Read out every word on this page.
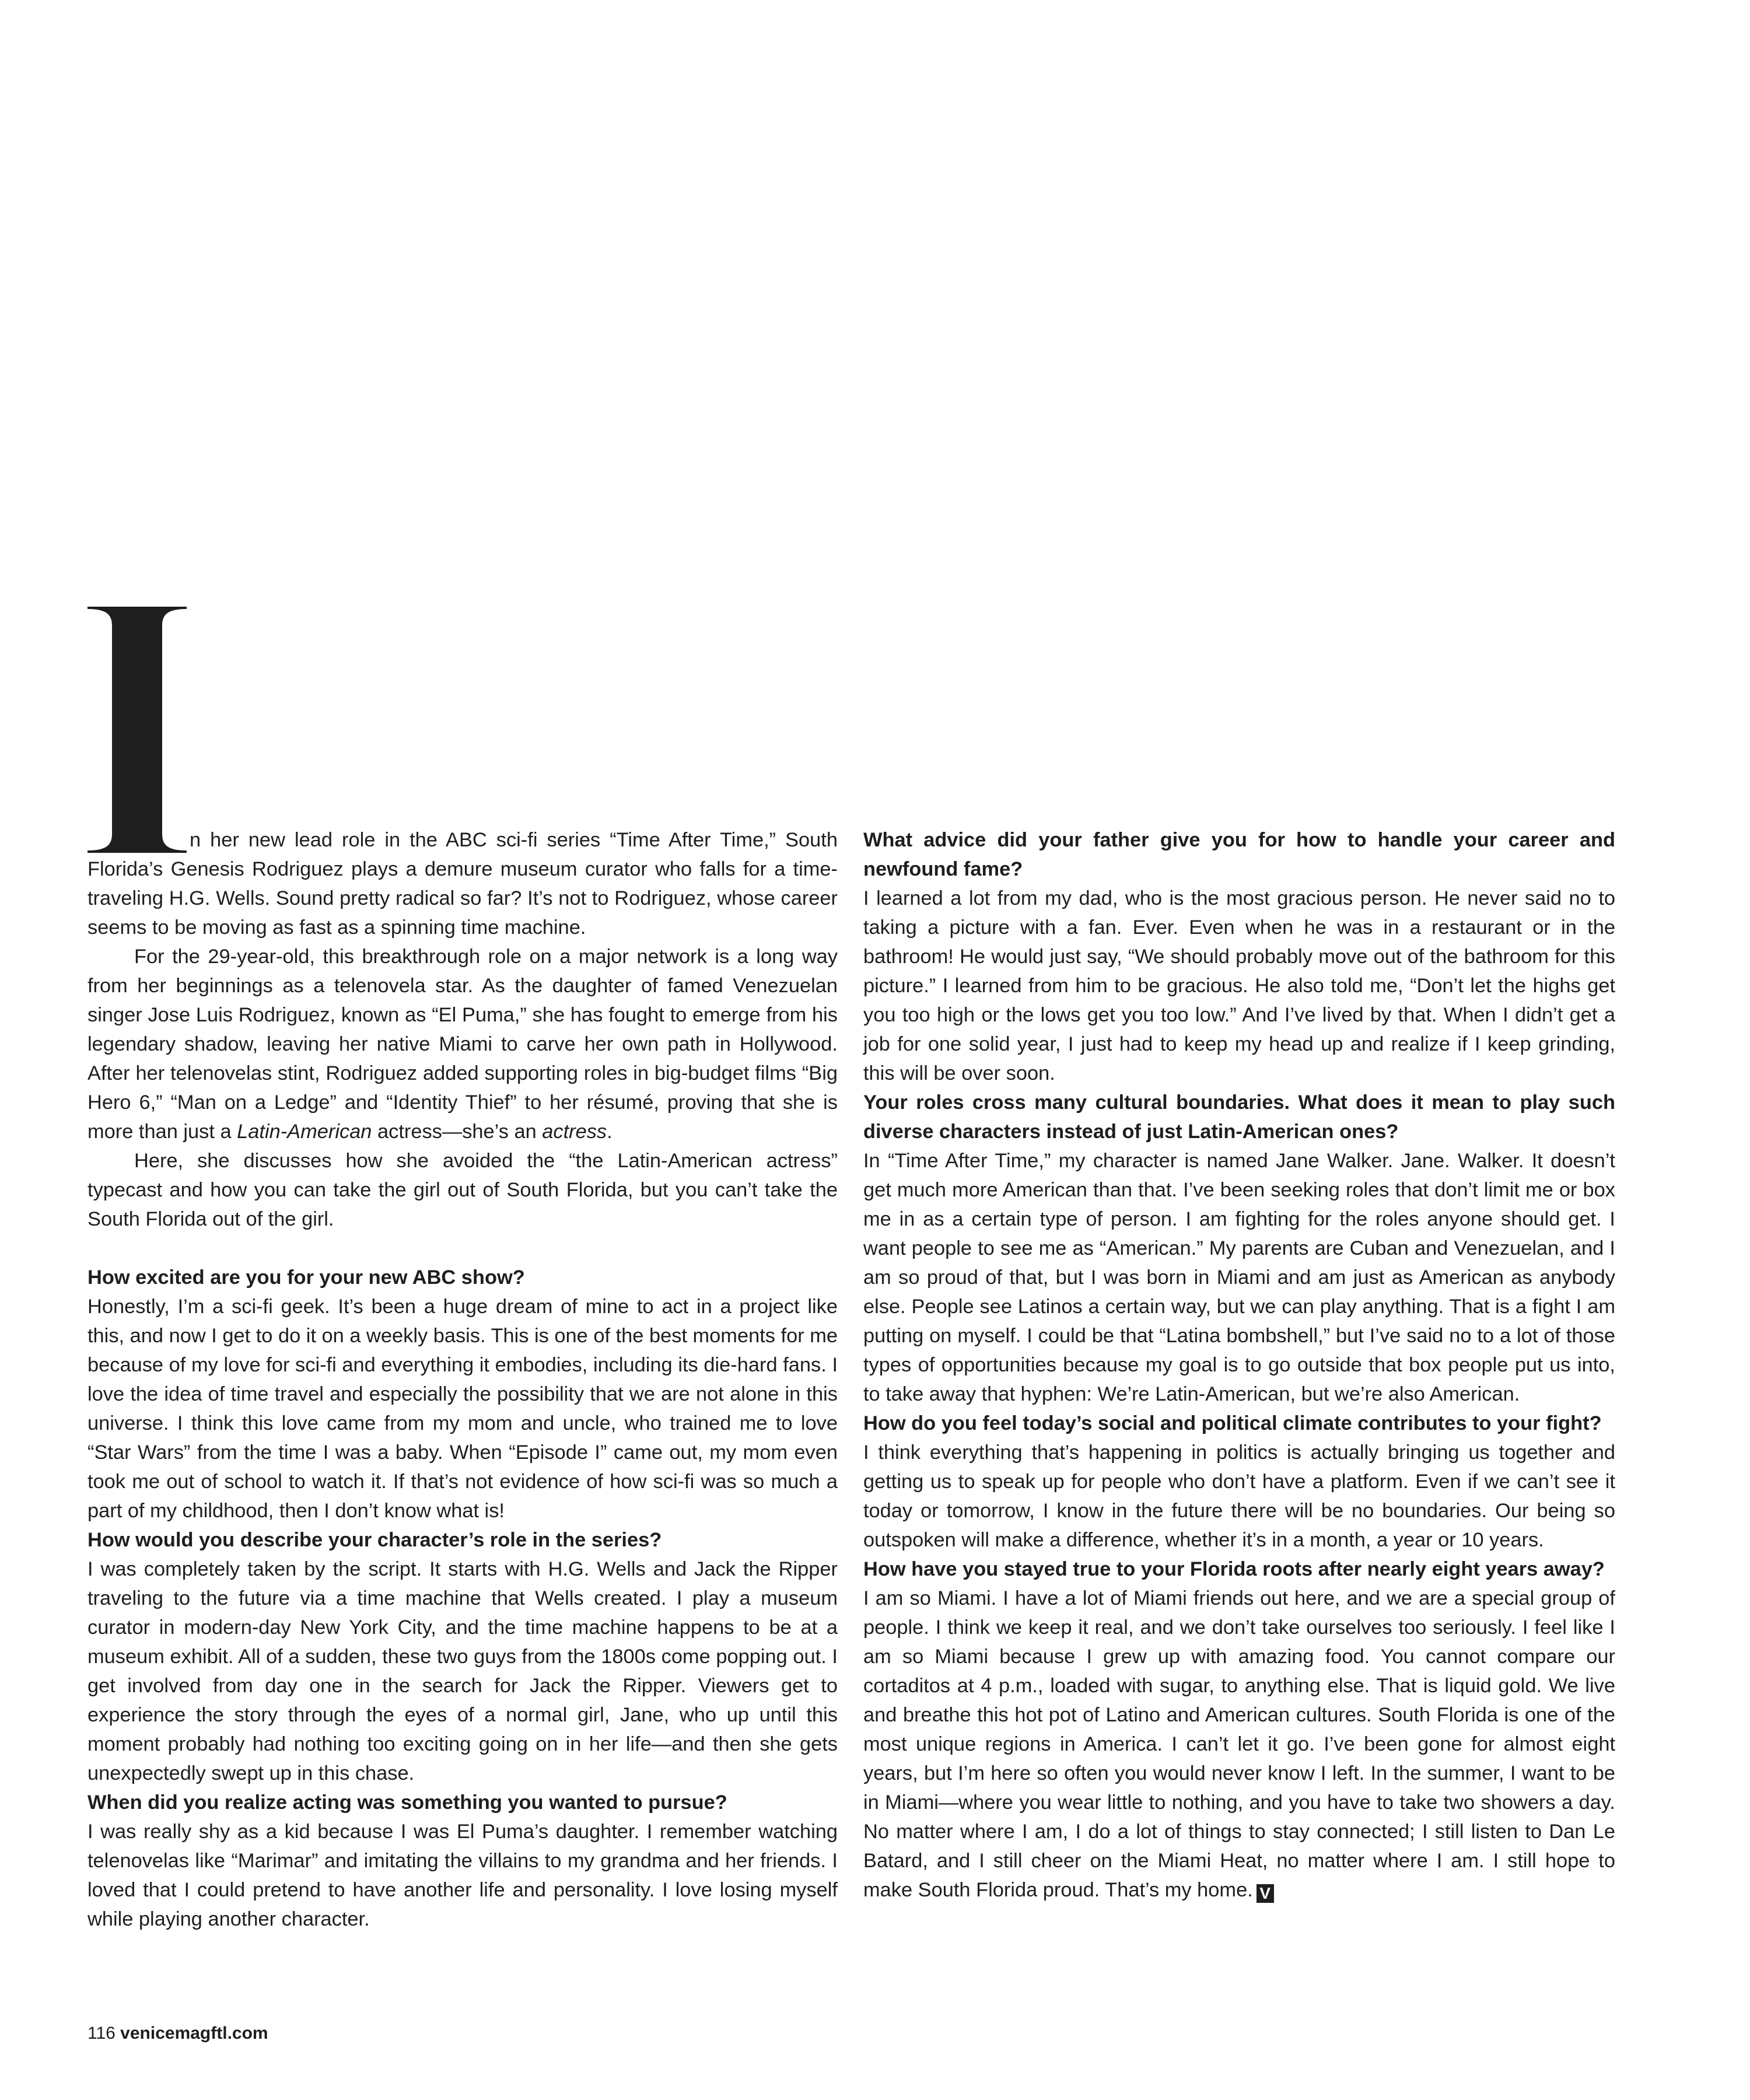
n her new lead role in the ABC sci-fi series “Time After Time,” South Florida’s Genesis Rodriguez plays a demure museum curator who falls for a time-traveling H.G. Wells. Sound pretty radical so far? It’s not to Rodriguez, whose career seems to be moving as fast as a spinning time machine.

For the 29-year-old, this breakthrough role on a major network is a long way from her beginnings as a telenovela star. As the daughter of famed Venezuelan singer Jose Luis Rodriguez, known as “El Puma,” she has fought to emerge from his legendary shadow, leaving her native Miami to carve her own path in Hollywood. After her telenovelas stint, Rodriguez added supporting roles in big-budget films “Big Hero 6,” “Man on a Ledge” and “Identity Thief” to her résumé, proving that she is more than just a Latin-American actress—she’s an actress.

Here, she discusses how she avoided the “the Latin-American actress” typecast and how you can take the girl out of South Florida, but you can’t take the South Florida out of the girl.

How excited are you for your new ABC show?

Honestly, I’m a sci-fi geek. It’s been a huge dream of mine to act in a project like this, and now I get to do it on a weekly basis. This is one of the best moments for me because of my love for sci-fi and everything it embodies, including its die-hard fans. I love the idea of time travel and especially the possibility that we are not alone in this universe. I think this love came from my mom and uncle, who trained me to love “Star Wars” from the time I was a baby. When “Episode I” came out, my mom even took me out of school to watch it. If that’s not evidence of how sci-fi was so much a part of my childhood, then I don’t know what is!

How would you describe your character’s role in the series?

I was completely taken by the script. It starts with H.G. Wells and Jack the Ripper traveling to the future via a time machine that Wells created. I play a museum curator in modern-day New York City, and the time machine happens to be at a museum exhibit. All of a sudden, these two guys from the 1800s come popping out. I get involved from day one in the search for Jack the Ripper. Viewers get to experience the story through the eyes of a normal girl, Jane, who up until this moment probably had nothing too exciting going on in her life—and then she gets unexpectedly swept up in this chase.

When did you realize acting was something you wanted to pursue?

I was really shy as a kid because I was El Puma’s daughter. I remember watching telenovelas like “Marimar” and imitating the villains to my grandma and her friends. I loved that I could pretend to have another life and personality. I love losing myself while playing another character.

What advice did your father give you for how to handle your career and newfound fame?

I learned a lot from my dad, who is the most gracious person. He never said no to taking a picture with a fan. Ever. Even when he was in a restaurant or in the bathroom! He would just say, “We should probably move out of the bathroom for this picture.” I learned from him to be gracious. He also told me, “Don’t let the highs get you too high or the lows get you too low.” And I’ve lived by that. When I didn’t get a job for one solid year, I just had to keep my head up and realize if I keep grinding, this will be over soon.

Your roles cross many cultural boundaries. What does it mean to play such diverse characters instead of just Latin-American ones?

In “Time After Time,” my character is named Jane Walker. Jane. Walker. It doesn’t get much more American than that. I’ve been seeking roles that don’t limit me or box me in as a certain type of person. I am fighting for the roles anyone should get. I want people to see me as “American.” My parents are Cuban and Venezuelan, and I am so proud of that, but I was born in Miami and am just as American as anybody else. People see Latinos a certain way, but we can play anything. That is a fight I am putting on myself. I could be that “Latina bombshell,” but I’ve said no to a lot of those types of opportunities because my goal is to go outside that box people put us into, to take away that hyphen: We’re Latin-American, but we’re also American.

How do you feel today’s social and political climate contributes to your fight?

I think everything that’s happening in politics is actually bringing us together and getting us to speak up for people who don’t have a platform. Even if we can’t see it today or tomorrow, I know in the future there will be no boundaries. Our being so outspoken will make a difference, whether it’s in a month, a year or 10 years.

How have you stayed true to your Florida roots after nearly eight years away?

I am so Miami. I have a lot of Miami friends out here, and we are a special group of people. I think we keep it real, and we don’t take ourselves too seriously. I feel like I am so Miami because I grew up with amazing food. You cannot compare our cortaditos at 4 p.m., loaded with sugar, to anything else. That is liquid gold. We live and breathe this hot pot of Latino and American cultures. South Florida is one of the most unique regions in America. I can’t let it go. I’ve been gone for almost eight years, but I’m here so often you would never know I left. In the summer, I want to be in Miami—where you wear little to nothing, and you have to take two showers a day. No matter where I am, I do a lot of things to stay connected; I still listen to Dan Le Batard, and I still cheer on the Miami Heat, no matter where I am. I still hope to make South Florida proud. That’s my home. V

116 venicemagftl.com
